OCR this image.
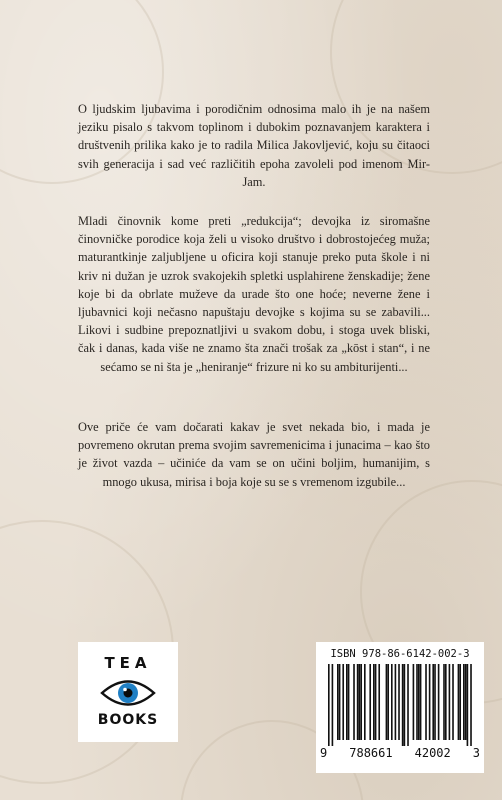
O ljudskim ljubavima i porodičnim odnosima malo ih je na našem jeziku pisalo s takvom toplinom i dubokim poznavanjem karaktera i društvenih prilika kako je to radila Milica Jakovljević, koju su čitaoci svih generacija i sad već različitih epoha zavoleli pod imenom Mir-Jam.

Mladi činovnik kome preti „redukcija“; devojka iz siromašne činovničke porodice koja želi u visoko društvo i dobrostojećeg muža; maturantkinje zaljubljene u oficira koji stanuje preko puta škole i ni kriv ni dužan je uzrok svakojekih spletki usplahirene ženskadije; žene koje bi da obrlate muževe da urade što one hoće; neverne žene i ljubavnici koji nečasno napuštaju devojke s kojima su se zabavili... Likovi i sudbine prepoznatljivi u svakom dobu, i stoga uvek bliski, čak i danas, kada više ne znamo šta znači trošak za „kōst i stan“, i ne sećamo se ni šta je „heniranje“ frizure ni ko su ambiturijenti...

Ove priče će vam dočarati kakav je svet nekada bio, i mada je povremeno okrutan prema svojim savremenicima i junacima – kao što je život vazda – učiniće da vam se on učini boljim, humanijim, s mnogo ukusa, mirisa i boja koje su se s vremenom izgubile...

TEA
BOOKS
ISBN 978-86-6142-002-3
9 788661 42002 3
